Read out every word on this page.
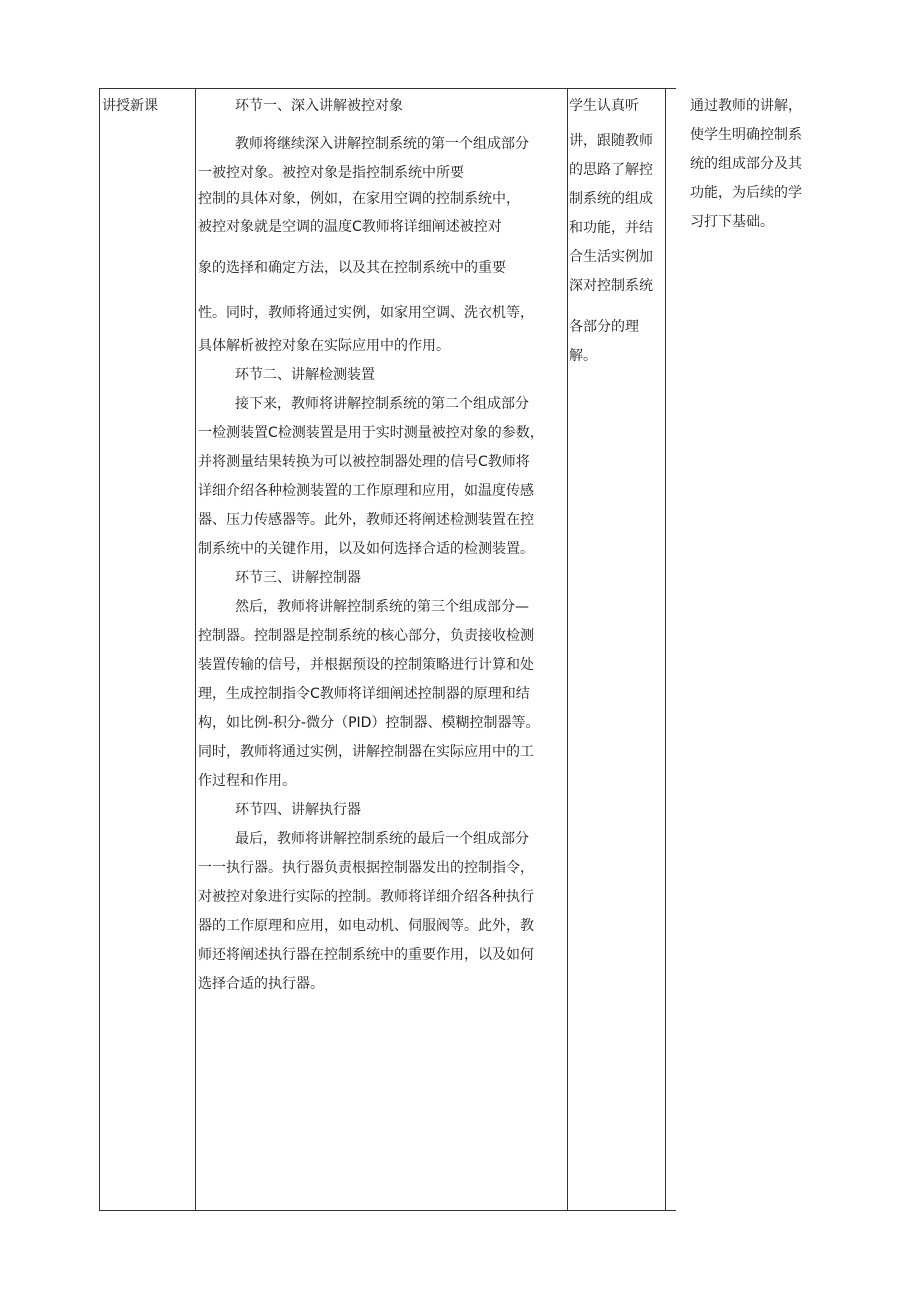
讲授新课	环节一、深入讲解被控对象
教师将继续深入讲解控制系统的第一个组成部分
一被控对象。被控对象是指控制系统中所要
控制的具体对象，例如，在家用空调的控制系统中，
被控对象就是空调的温度C教师将详细阐述被控对
象的选择和确定方法，以及其在控制系统中的重要
性。同时，教师将通过实例，如家用空调、洗衣机等，
具体解析被控对象在实际应用中的作用。
环节二、讲解检测装置
接下来，教师将讲解控制系统的第二个组成部分
一检测装置C检测装置是用于实时测量被控对象的参数，
并将测量结果转换为可以被控制器处理的信号C教师将
详细介绍各种检测装置的工作原理和应用，如温度传感
器、压力传感器等。此外，教师还将阐述检测装置在控
制系统中的关键作用，以及如何选择合适的检测装置。
环节三、讲解控制器
然后，教师将讲解控制系统的第三个组成部分—
控制器。控制器是控制系统的核心部分，负责接收检测
装置传输的信号，并根据预设的控制策略进行计算和处
理，生成控制指令C教师将详细阐述控制器的原理和结
构，如比例-积分-微分（PID）控制器、模糊控制器等。
同时，教师将通过实例，讲解控制器在实际应用中的工
作过程和作用。
环节四、讲解执行器
最后，教师将讲解控制系统的最后一个组成部分
一一执行器。执行器负责根据控制器发出的控制指令，
对被控对象进行实际的控制。教师将详细介绍各种执行
器的工作原理和应用，如电动机、伺服阀等。此外，教
师还将阐述执行器在控制系统中的重要作用，以及如何
选择合适的执行器。
学生认真听
讲，跟随教师
的思路了解控
制系统的组成
和功能，并结
合生活实例加
深对控制系统
各部分的理
解。
通过教师的讲解，
使学生明确控制系
统的组成部分及其
功能，为后续的学
习打下基础。
